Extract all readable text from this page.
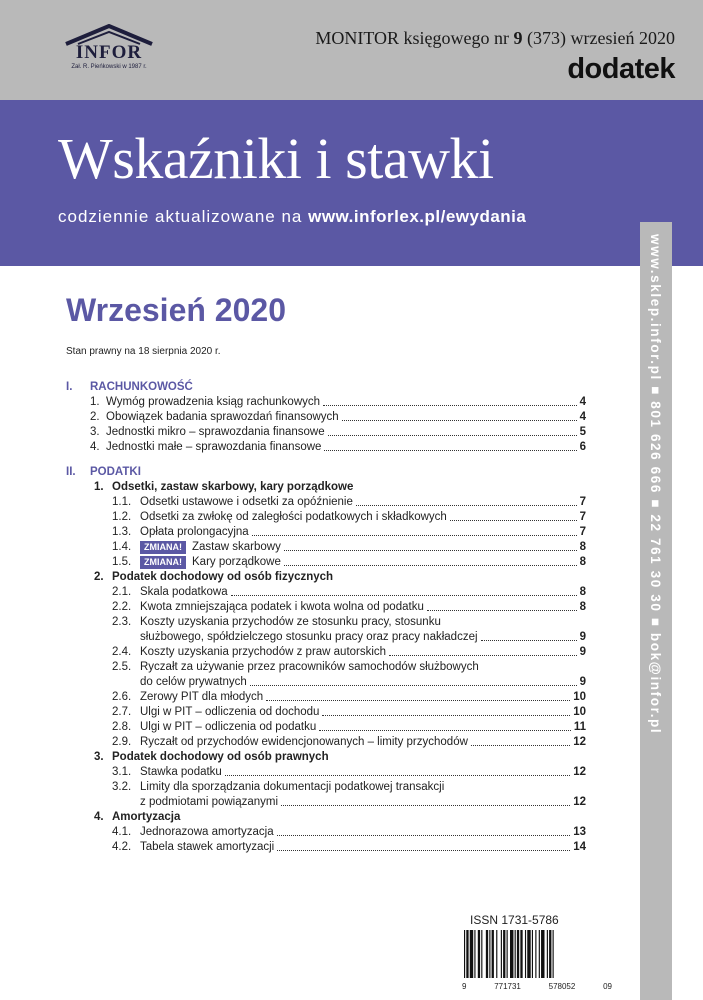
INFOR
Zał. R. Pieńkowski w 1987 r.
MONITOR księgowego nr 9 (373) wrzesień 2020
dodatek
Wskaźniki i stawki
codziennie aktualizowane na www.inforlex.pl/ewydania
www.sklep.infor.pl ■ 801 626 666 ■ 22 761 30 30 ■ bok@infor.pl
Wrzesień 2020
Stan prawny na 18 sierpnia 2020 r.
I.	RACHUNKOWOŚĆ
1. Wymóg prowadzenia ksiąg rachunkowych	4
2. Obowiązek badania sprawozdań finansowych	4
3. Jednostki mikro – sprawozdania finansowe	5
4. Jednostki małe – sprawozdania finansowe	6
II.	PODATKI
1. Odsetki, zastaw skarbowy, kary porządkowe
1.1. Odsetki ustawowe i odsetki za opóźnienie	7
1.2. Odsetki za zwłokę od zaległości podatkowych i składkowych	7
1.3. Opłata prolongacyjna	7
1.4.	ZMIANA! Zastaw skarbowy	8
1.5.	ZMIANA! Kary porządkowe	8
2. Podatek dochodowy od osób fizycznych
2.1. Skala podatkowa	8
2.2. Kwota zmniejszająca podatek i kwota wolna od podatku	8
2.3. Koszty uzyskania przychodów ze stosunku pracy, stosunku
służbowego, spółdzielczego stosunku pracy oraz pracy nakładczej	9
2.4. Koszty uzyskania przychodów z praw autorskich	9
2.5. Ryczałt za używanie przez pracowników samochodów służbowych
do celów prywatnych	9
2.6. Zerowy PIT dla młodych	10
2.7. Ulgi w PIT – odliczenia od dochodu	10
2.8. Ulgi w PIT – odliczenia od podatku	11
2.9. Ryczałt od przychodów ewidencjonowanych – limity przychodów	12
3. Podatek dochodowy od osób prawnych
3.1. Stawka podatku	12
3.2. Limity dla sporządzania dokumentacji podatkowej transakcji
z podmiotami powiązanymi	12
4. Amortyzacja
4.1. Jednorazowa amortyzacja	13
4.2. Tabela stawek amortyzacji	14
ISSN 1731-5786
9	771731	578052	09
